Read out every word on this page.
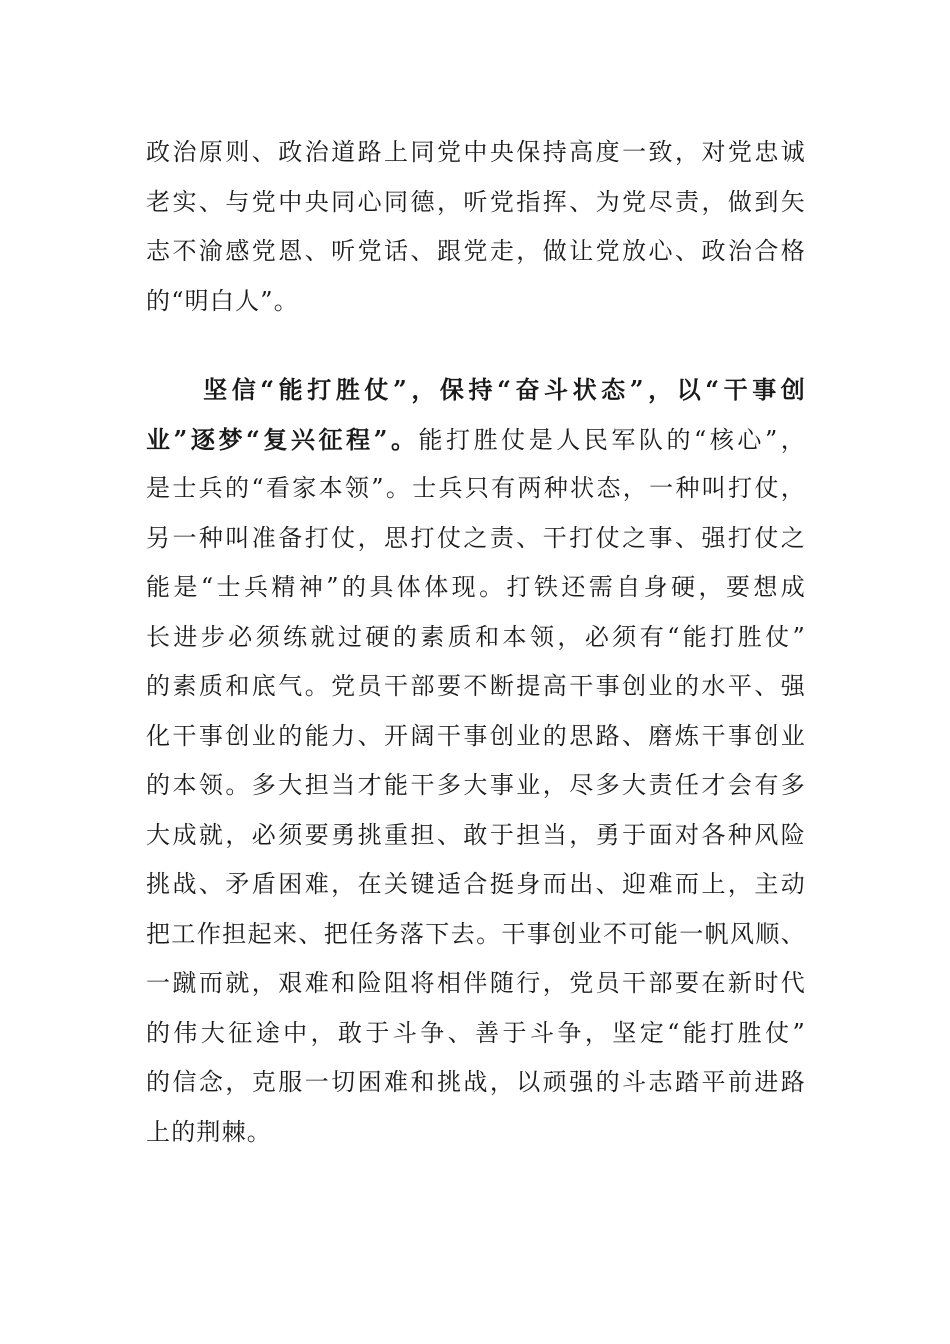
政治原则、政治道路上同党中央保持高度一致，对党忠诚
老实、与党中央同心同德，听党指挥、为党尽责，做到矢
志不渝感党恩、听党话、跟党走，做让党放心、政治合格
的“明白人”。
　　坚信“能打胜仗”，保持“奋斗状态”，以“干事创
业”逐梦“复兴征程”。能打胜仗是人民军队的“核心”，
是士兵的“看家本领”。士兵只有两种状态，一种叫打仗，
另一种叫准备打仗，思打仗之责、干打仗之事、强打仗之
能是“士兵精神”的具体体现。打铁还需自身硬，要想成
长进步必须练就过硬的素质和本领，必须有“能打胜仗”
的素质和底气。党员干部要不断提高干事创业的水平、强
化干事创业的能力、开阔干事创业的思路、磨炼干事创业
的本领。多大担当才能干多大事业，尽多大责任才会有多
大成就，必须要勇挑重担、敢于担当，勇于面对各种风险
挑战、矛盾困难，在关键适合挺身而出、迎难而上，主动
把工作担起来、把任务落下去。干事创业不可能一帆风顺、
一蹴而就，艰难和险阻将相伴随行，党员干部要在新时代
的伟大征途中，敢于斗争、善于斗争，坚定“能打胜仗”
的信念，克服一切困难和挑战，以顽强的斗志踏平前进路
上的荆棘。
